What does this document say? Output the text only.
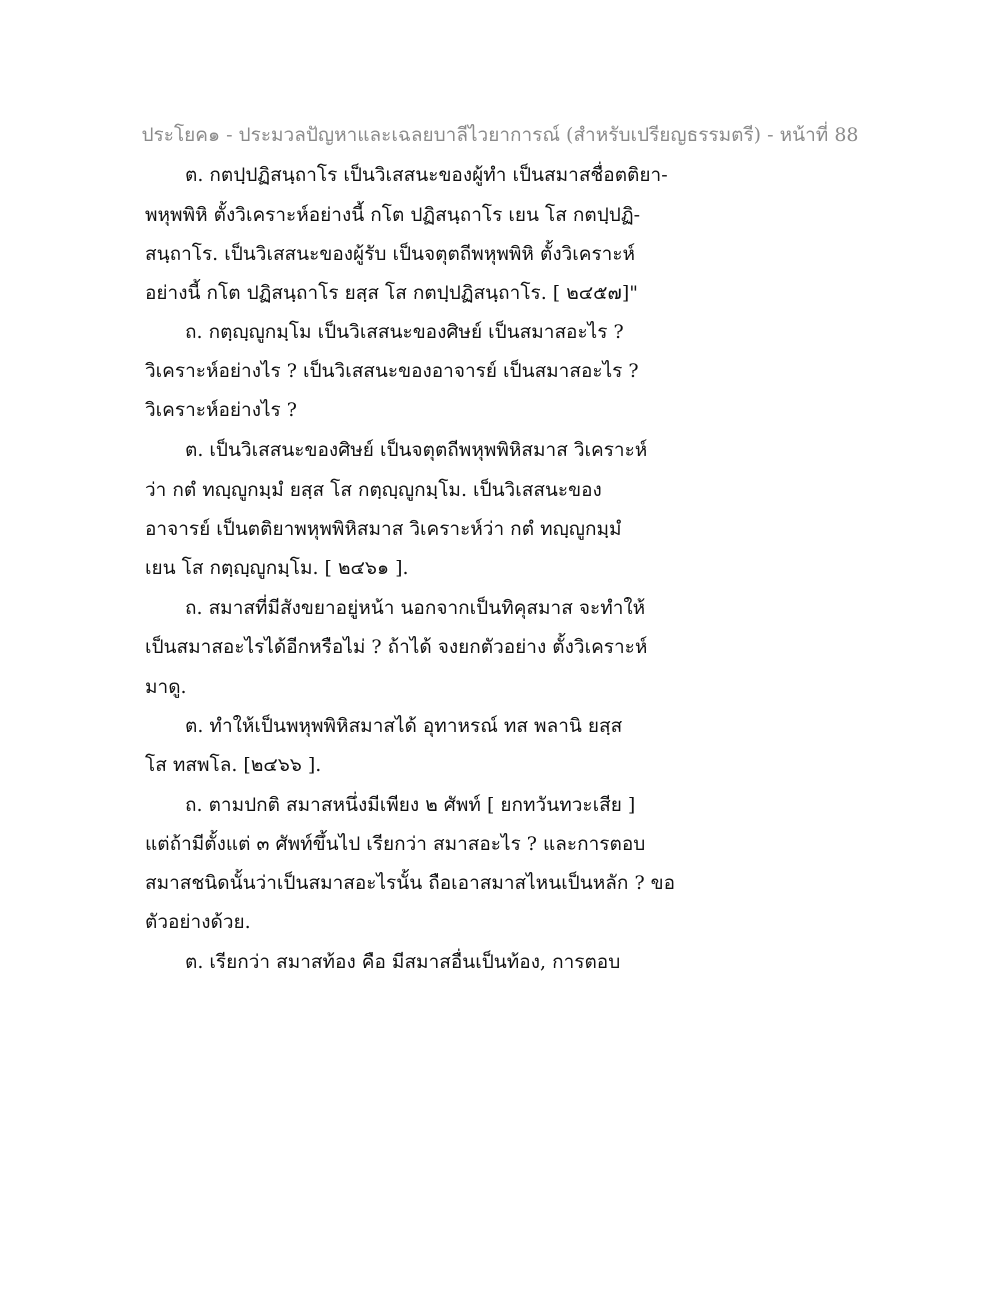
ประโยค๑ - ประมวลปัญหาและเฉลยบาลีไวยาการณ์ (สำหรับเปรียญธรรมตรี) - หน้าที่ 88
ต. กตปฺปฏิสนฺถาโร เป็นวิเสสนะของผู้ทำ เป็นสมาสชื่อตติยา-
พหุพพิหิ ตั้งวิเคราะห์อย่างนี้ กโต ปฏิสนฺถาโร เยน โส กตปฺปฏิ-
สนฺถาโร. เป็นวิเสสนะของผู้รับ เป็นจตุตถีพหุพพิหิ ตั้งวิเคราะห์
อย่างนี้ กโต ปฏิสนฺถาโร ยสฺส โส กตปฺปฏิสนฺถาโร. [ ๒๔๕๗]"
ถ. กตฺญฺญูกมฺโม เป็นวิเสสนะของศิษย์ เป็นสมาสอะไร ?
วิเคราะห์อย่างไร ? เป็นวิเสสนะของอาจารย์ เป็นสมาสอะไร ?
วิเคราะห์อย่างไร ?
ต. เป็นวิเสสนะของศิษย์ เป็นจตุตถีพหุพพิหิสมาส วิเคราะห์
ว่า กตํ ทญฺญูกมฺมํ ยสฺส โส กตฺญฺญูกมฺโม. เป็นวิเสสนะของ
อาจารย์ เป็นตติยาพหุพพิหิสมาส วิเคราะห์ว่า กตํ ทญฺญูกมฺมํ
เยน โส กตฺญฺญูกมฺโม. [ ๒๔๖๑ ].
ถ. สมาสที่มีสังขยาอยู่หน้า นอกจากเป็นทิคุสมาส จะทำให้
เป็นสมาสอะไรได้อีกหรือไม่ ? ถ้าได้ จงยกตัวอย่าง ตั้งวิเคราะห์
มาดู.
ต. ทำให้เป็นพหุพพิหิสมาสได้ อุทาหรณ์ ทส พลานิ ยสฺส
โส ทสพโล. [๒๔๖๖ ].
ถ. ตามปกติ สมาสหนึ่งมีเพียง ๒ ศัพท์ [ ยกทวันทวะเสีย ]
แต่ถ้ามีตั้งแต่ ๓ ศัพท์ขึ้นไป เรียกว่า สมาสอะไร ? และการตอบ
สมาสชนิดนั้นว่าเป็นสมาสอะไรนั้น ถือเอาสมาสไหนเป็นหลัก ? ขอ
ตัวอย่างด้วย.
ต. เรียกว่า สมาสท้อง คือ มีสมาสอื่นเป็นท้อง, การตอบ
